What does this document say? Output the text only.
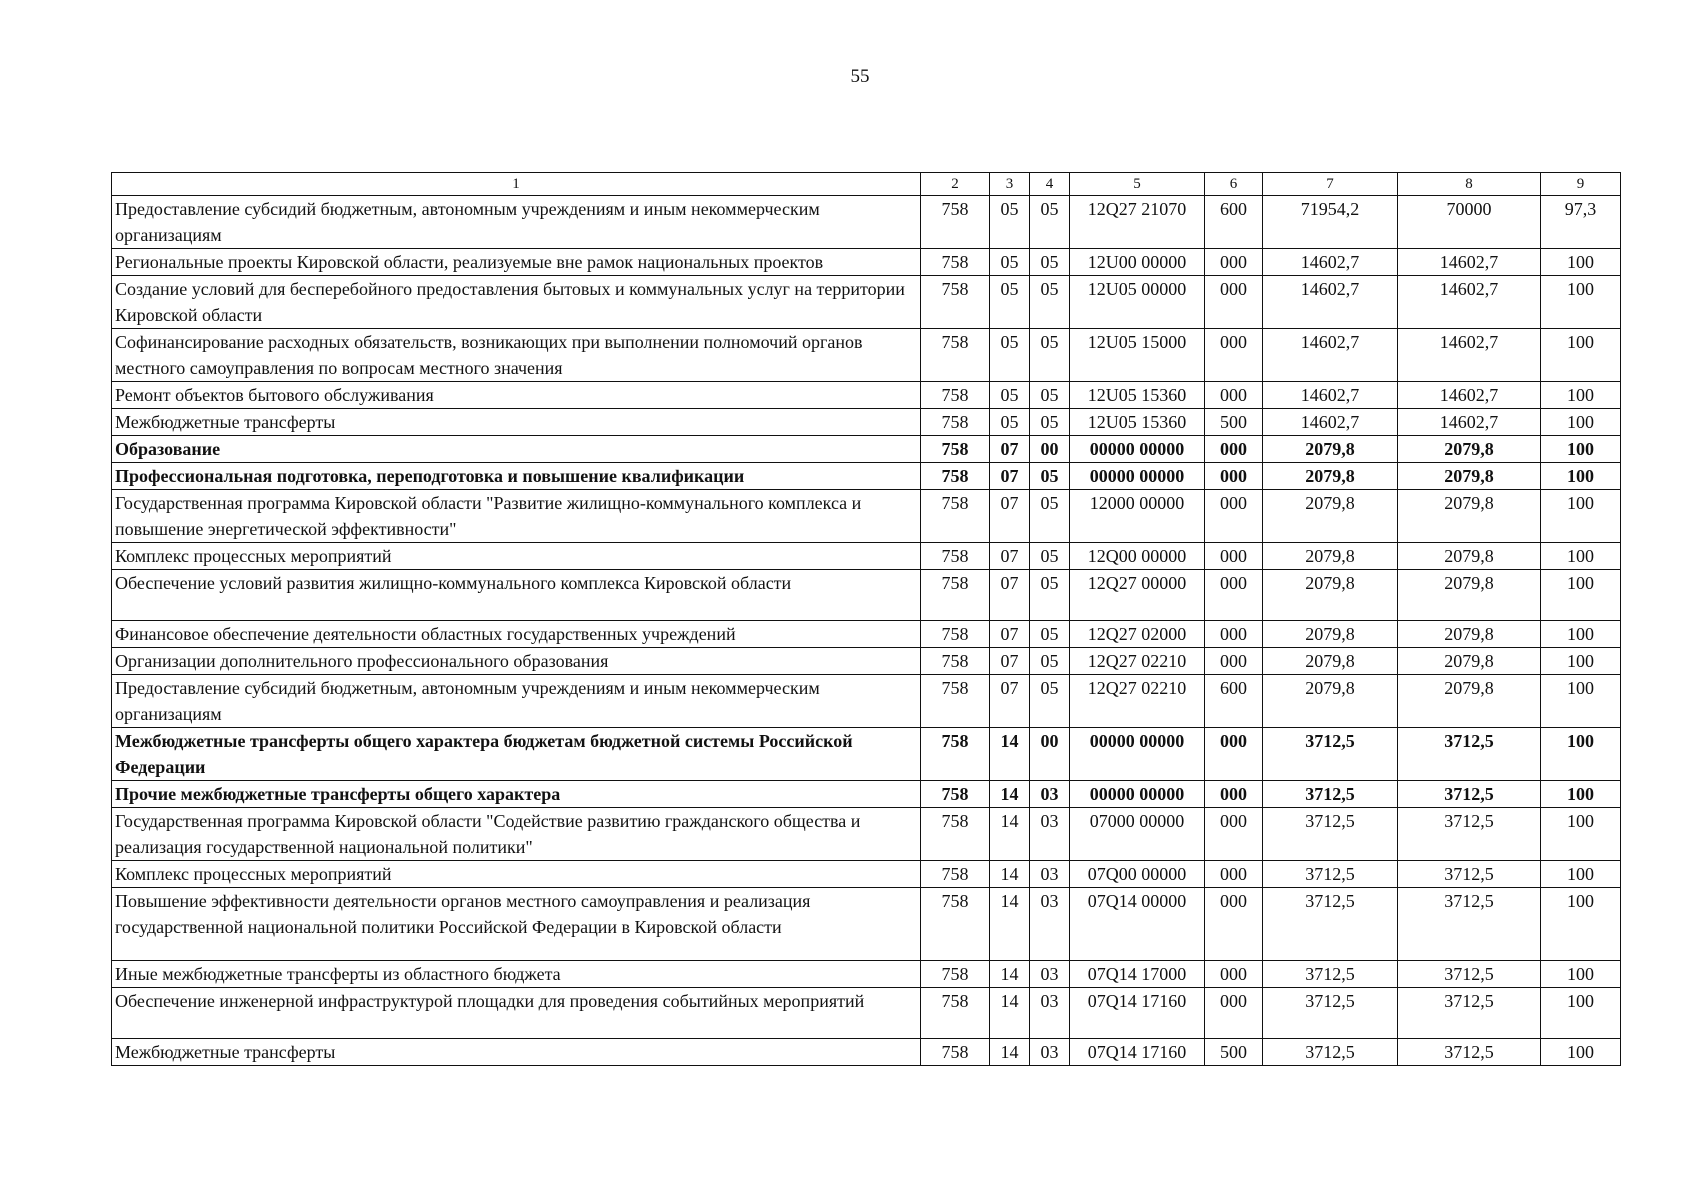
55
1	2	3	4	5	6	7	8	9
Предоставление субсидий бюджетным, автономным учреждениям и иным некоммерческим организациям	758	05	05	12Q27 21070	600	71954,2	70000	97,3
Региональные проекты Кировской области, реализуемые вне рамок национальных проектов	758	05	05	12U00 00000	000	14602,7	14602,7	100
Создание условий для бесперебойного предоставления бытовых и коммунальных услуг на территории Кировской области	758	05	05	12U05 00000	000	14602,7	14602,7	100
Софинансирование расходных обязательств, возникающих при выполнении полномочий органов местного самоуправления по вопросам местного значения	758	05	05	12U05 15000	000	14602,7	14602,7	100
Ремонт объектов бытового обслуживания	758	05	05	12U05 15360	000	14602,7	14602,7	100
Межбюджетные трансферты	758	05	05	12U05 15360	500	14602,7	14602,7	100
Образование	758	07	00	00000 00000	000	2079,8	2079,8	100
Профессиональная подготовка, переподготовка и повышение квалификации	758	07	05	00000 00000	000	2079,8	2079,8	100
Государственная программа Кировской области "Развитие жилищно-коммунального комплекса и повышение энергетической эффективности"	758	07	05	12000 00000	000	2079,8	2079,8	100
Комплекс процессных мероприятий	758	07	05	12Q00 00000	000	2079,8	2079,8	100
Обеспечение условий развития жилищно-коммунального комплекса Кировской области	758	07	05	12Q27 00000	000	2079,8	2079,8	100
Финансовое обеспечение деятельности областных государственных учреждений	758	07	05	12Q27 02000	000	2079,8	2079,8	100
Организации дополнительного профессионального образования	758	07	05	12Q27 02210	000	2079,8	2079,8	100
Предоставление субсидий бюджетным, автономным учреждениям и иным некоммерческим организациям	758	07	05	12Q27 02210	600	2079,8	2079,8	100
Межбюджетные трансферты общего характера бюджетам бюджетной системы Российской Федерации	758	14	00	00000 00000	000	3712,5	3712,5	100
Прочие межбюджетные трансферты общего характера	758	14	03	00000 00000	000	3712,5	3712,5	100
Государственная программа Кировской области "Содействие развитию гражданского общества и реализация государственной национальной политики"	758	14	03	07000 00000	000	3712,5	3712,5	100
Комплекс процессных мероприятий	758	14	03	07Q00 00000	000	3712,5	3712,5	100
Повышение эффективности деятельности органов местного самоуправления и реализация государственной национальной политики Российской Федерации в Кировской области	758	14	03	07Q14 00000	000	3712,5	3712,5	100
Иные межбюджетные трансферты из областного бюджета	758	14	03	07Q14 17000	000	3712,5	3712,5	100
Обеспечение инженерной инфраструктурой площадки для проведения событийных мероприятий	758	14	03	07Q14 17160	000	3712,5	3712,5	100
Межбюджетные трансферты	758	14	03	07Q14 17160	500	3712,5	3712,5	100
